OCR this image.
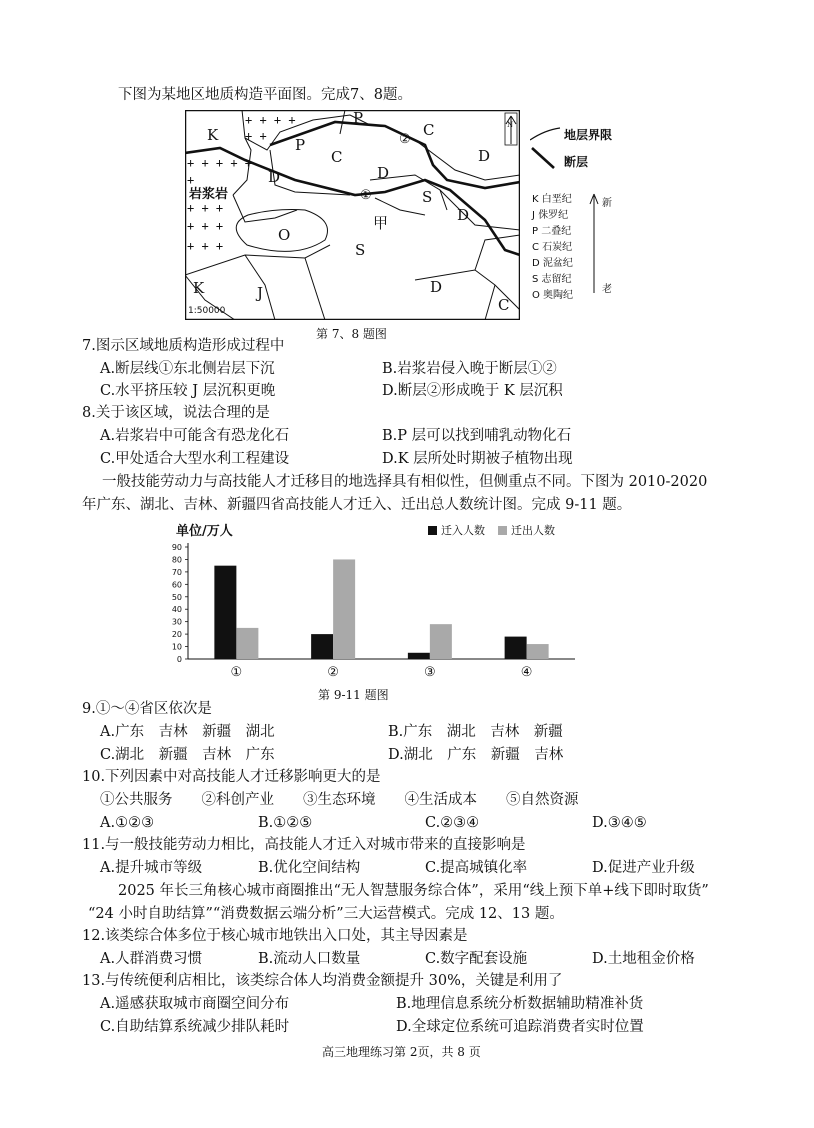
下图为某地区地质构造平面图。完成7、8题。
K
P
P
C
C
D	D
D
S
D
甲
O
S
K	J	D
C
②
①
岩浆岩
+ + + +
+ +
+ + + + +
+
+ + +
+ + +
+ + +
N
1:50000
地层界限
断层
K 白垩纪
J 侏罗纪
P 二叠纪
C 石炭纪
D 泥盆纪
S 志留纪
O 奥陶纪
新
老
第 7、8 题图
7.图示区域地质构造形成过程中
A.断层线①东北侧岩层下沉	B.岩浆岩侵入晚于断层①②
C.水平挤压较 J 层沉积更晚	D.断层②形成晚于 K 层沉积
8.关于该区域，说法合理的是
A.岩浆岩中可能含有恐龙化石	B.P 层可以找到哺乳动物化石
C.甲处适合大型水利工程建设	D.K 层所处时期被子植物出现
一般技能劳动力与高技能人才迁移目的地选择具有相似性，但侧重点不同。下图为 2010-2020
年广东、湖北、吉林、新疆四省高技能人才迁入、迁出总人数统计图。完成 9-11 题。
单位/万人	迁入人数 迁出人数
0
10
20
30
40
50
60
70
80
90
①	②	③	④
第 9-11 题图
9.①～④省区依次是
A.广东　吉林　新疆　湖北	B.广东　湖北　吉林　新疆
C.湖北　新疆　吉林　广东	D.湖北　广东　新疆　吉林
10.下列因素中对高技能人才迁移影响更大的是
①公共服务　　②科创产业　　③生态环境　　④生活成本　　⑤自然资源
A.①②③	B.①②⑤	C.②③④	D.③④⑤
11.与一般技能劳动力相比，高技能人才迁入对城市带来的直接影响是
A.提升城市等级	B.优化空间结构	C.提高城镇化率	D.促进产业升级
2025 年长三角核心城市商圈推出“无人智慧服务综合体”，采用“线上预下单+线下即时取货”
“24 小时自助结算”“消费数据云端分析”三大运营模式。完成 12、13 题。
12.该类综合体多位于核心城市地铁出入口处，其主导因素是
A.人群消费习惯	B.流动人口数量	C.数字配套设施	D.土地租金价格
13.与传统便利店相比，该类综合体人均消费金额提升 30%，关键是利用了
A.遥感获取城市商圈空间分布	B.地理信息系统分析数据辅助精准补货
C.自助结算系统减少排队耗时	D.全球定位系统可追踪消费者实时位置
高三地理练习第 2页，共 8 页
